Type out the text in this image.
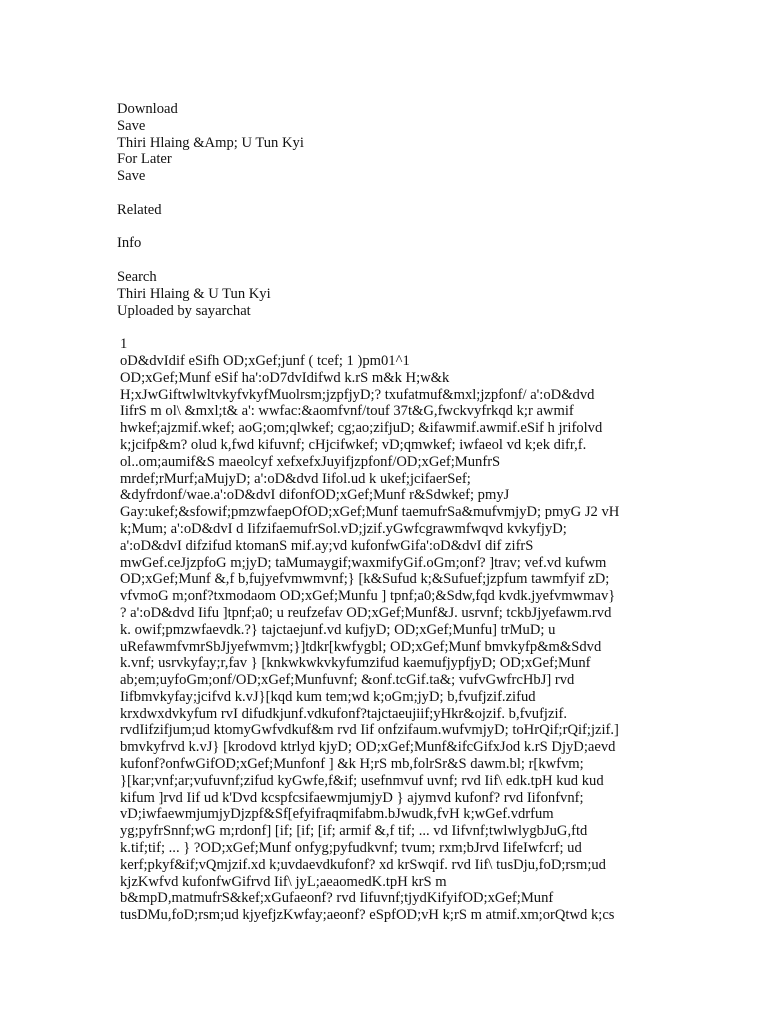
Download
Save
Thiri Hlaing &Amp; U Tun Kyi
For Later
Save
Related
Info
Search
Thiri Hlaing & U Tun Kyi
Uploaded by sayarchat
1
oD&dvIdif eSifh OD;xGef;junf ( tcef; 1 )pm01^1
OD;xGef;Munf eSif ha':oD7dvIdifwd k.rS m&k H;w&k
H;xJwGiftwlwltvkyfvkyfMuolrsm;jzpfjyD;? txufatmuf&mxl;jzpfonf/ a':oD&dvd
IifrS m ol\ &mxl;t& a': wwfac:&aomfvnf/touf 37t&G,fwckvyfrkqd k;r awmif
hwkef;ajzmif.wkef; aoG;om;qlwkef; cg;ao;zifjuD; &ifawmif.awmif.eSif h jrifolvd
k;jcifp&m? olud k,fwd kifuvnf; cHjcifwkef; vD;qmwkef; iwfaeol vd k;ek difr,f.
ol..om;aumif&S maeolcyf xefxefxJuyifjzpfonf/OD;xGef;MunfrS
mrdef;rMurf;aMujyD; a':oD&dvd Iifol.ud k ukef;jcifaerSef;
&dyfrdonf/wae.a':oD&dvI difonfOD;xGef;Munf r&Sdwkef; pmyJ
Gay:ukef;&sfowif;pmzwfaepOfOD;xGef;Munf taemufrSa&mufvmjyD; pmyG J2 vH
k;Mum; a':oD&dvI d IifzifaemufrSol.vD;jzif.yGwfcgrawmfwqvd kvkyfjyD;
a':oD&dvI difzifud ktomanS mif.ay;vd kufonfwGifa':oD&dvI dif zifrS
mwGef.ceJjzpfoG m;jyD; taMumaygif;waxmifyGif.oGm;onf? ]trav; vef.vd kufwm
OD;xGef;Munf &,f b,fujyefvmwmvnf;} [k&Sufud k;&Sufuef;jzpfum tawmfyif zD;
vfvmoG m;onf?txmodaom OD;xGef;Munfu ] tpnf;a0;&Sdw,fqd kvdk.jyefvmwmav}
? a':oD&dvd Iifu ]tpnf;a0; u reufzefav OD;xGef;Munf&J. usrvnf; tckbJjyefawm.rvd
k. owif;pmzwfaevdk.?} tajctaejunf.vd kufjyD; OD;xGef;Munfu] trMuD; u
uRefawmfvmrSbJjyefwmvm;}]tdkr[kwfygbl; OD;xGef;Munf bmvkyfp&m&Sdvd
k.vnf; usrvkyfay;r,fav } [knkwkwkvkyfumzifud kaemufjypfjyD; OD;xGef;Munf
ab;em;uyfoGm;onf/OD;xGef;Munfuvnf; &onf.tcGif.ta&; vufvGwfrcHbJ] rvd
Iifbmvkyfay;jcifvd k.vJ}[kqd kum tem;wd k;oGm;jyD; b,fvufjzif.zifud
krxdwxdvkyfum rvI difudkjunf.vdkufonf?tajctaeujiif;yHkr&ojzif. b,fvufjzif.
rvdIifzifjum;ud ktomyGwfvdkuf&m rvd Iif onfzifaum.wufvmjyD; toHrQif;rQif;jzif.]
bmvkyfrvd k.vJ} [krodovd ktrlyd kjyD; OD;xGef;Munf&ifcGifxJod k.rS DjyD;aevd
kufonf?onfwGifOD;xGef;Munfonf ] &k H;rS mb,folrSr&S dawm.bl; r[kwfvm;
}[kar;vnf;ar;vufuvnf;zifud kyGwfe,f&if; usefnmvuf uvnf; rvd Iif\ edk.tpH kud kud
kifum ]rvd Iif ud k'Dvd kcspfcsifaewmjumjyD } ajymvd kufonf? rvd Iifonfvnf;
vD;iwfaewmjumjyDjzpf&Sf[efyifraqmifabm.bJwudk,fvH k;wGef.vdrfum
yg;pyfrSnnf;wG m;rdonf] [if; [if; [if; armif &,f tif; ... vd Iifvnf;twlwlygbJuG,ftd
k.tif;tif; ... } ?OD;xGef;Munf onfyg;pyfudkvnf; tvum; rxm;bJrvd IifeIwfcrf; ud
kerf;pkyf&if;vQmjzif.xd k;uvdaevdkufonf? xd krSwqif. rvd Iif\ tusDju,foD;rsm;ud
kjzKwfvd kufonfwGifrvd Iif\ jyL;aeaomedK.tpH krS m
b&mpD,matmufrS&kef;xGufaeonf? rvd Iifuvnf;tjydKifyifOD;xGef;Munf
tusDMu,foD;rsm;ud kjyefjzKwfay;aeonf? eSpfOD;vH k;rS m atmif.xm;orQtwd k;cs
